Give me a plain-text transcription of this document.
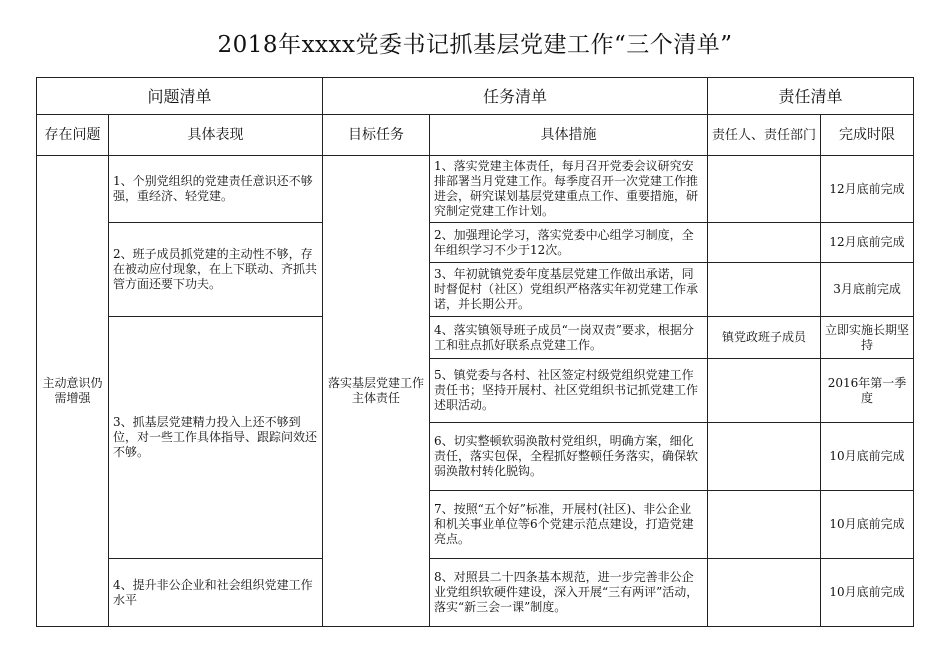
2018年xxxx党委书记抓基层党建工作“三个清单”
问题清单		任务清单		责任清单	
存在问题	具体表现	目标任务	具体措施	责任人、责任部门	完成时限
主动意识仍需增强	1、个别党组织的党建责任意识还不够强，重经济、轻党建。	落实基层党建工作主体责任	1、落实党建主体责任，每月召开党委会议研究安排部署当月党建工作。每季度召开一次党建工作推进会，研究谋划基层党建重点工作、重要措施，研究制定党建工作计划。		12月底前完成
	2、班子成员抓党建的主动性不够，存在被动应付现象，在上下联动、齐抓共管方面还要下功夫。		2、加强理论学习，落实党委中心组学习制度，全年组织学习不少于12次。		12月底前完成
			3、年初就镇党委年度基层党建工作做出承诺，同时督促村（社区）党组织严格落实年初党建工作承诺，并长期公开。		3月底前完成
	3、抓基层党建精力投入上还不够到位，对一些工作具体指导、跟踪问效还不够。		4、落实镇领导班子成员“一岗双责”要求，根据分工和驻点抓好联系点党建工作。	镇党政班子成员	立即实施长期坚持
			5、镇党委与各村、社区签定村级党组织党建工作责任书；坚持开展村、社区党组织书记抓党建工作述职活动。		2016年第一季度
			6、切实整顿软弱涣散村党组织，明确方案，细化责任，落实包保，全程抓好整顿任务落实，确保软弱涣散村转化脱钩。		10月底前完成
			7、按照“五个好”标准，开展村(社区)、非公企业和机关事业单位等6个党建示范点建设，打造党建亮点。		10月底前完成
	4、提升非公企业和社会组织党建工作水平		8、对照县二十四条基本规范，进一步完善非公企业党组织软硬件建设，深入开展“三有两评”活动，落实“新三会一课”制度。		10月底前完成
